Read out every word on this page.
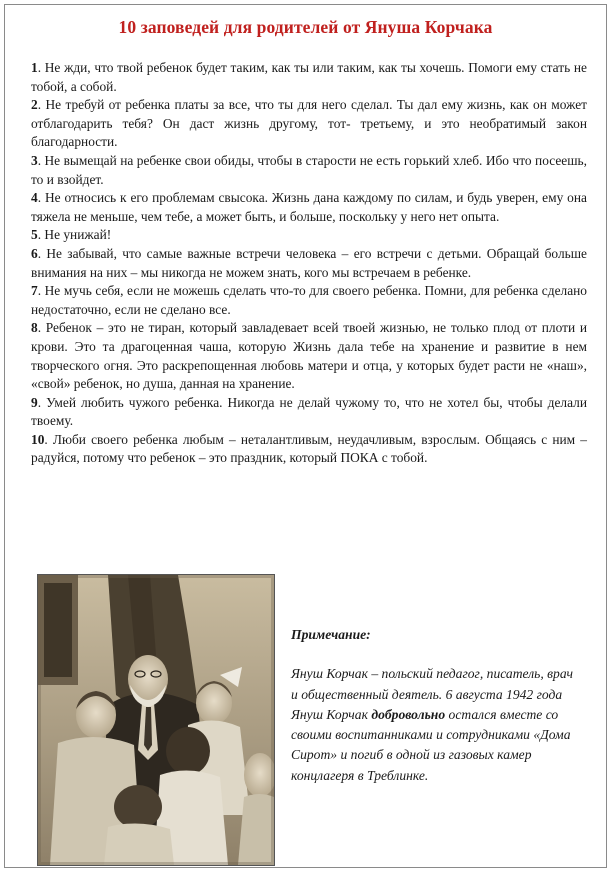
10 заповедей для родителей от Януша Корчака

1. Не жди, что твой ребенок будет таким, как ты или таким, как ты хочешь. Помоги ему стать не тобой, а собой.

2. Не требуй от ребенка платы за все, что ты для него сделал. Ты дал ему жизнь, как он может отблагодарить тебя? Он даст жизнь другому, тот- третьему, и это необратимый закон благодарности.

3. Не вымещай на ребенке свои обиды, чтобы в старости не есть горький хлеб. Ибо что посеешь, то и взойдет.

4. Не относись к его проблемам свысока. Жизнь дана каждому по силам, и будь уверен, ему она тяжела не меньше, чем тебе, а может быть, и больше, поскольку у него нет опыта.

5. Не унижай!

6. Не забывай, что самые важные встречи человека – его встречи с детьми. Обращай больше внимания на них – мы никогда не можем знать, кого мы встречаем в ребенке.

7. Не мучь себя, если не можешь сделать что-то для своего ребенка. Помни, для ребенка сделано недостаточно, если не сделано все.

8. Ребенок – это не тиран, который завладевает всей твоей жизнью, не только плод от плоти и крови. Это та драгоценная чаша, которую Жизнь дала тебе на хранение и развитие в нем творческого огня. Это раскрепощенная любовь матери и отца, у которых будет расти не «наш», «свой» ребенок, но душа, данная на хранение.

9. Умей любить чужого ребенка. Никогда не делай чужому то, что не хотел бы, чтобы делали твоему.

10. Люби своего ребенка любым – неталантливым, неудачливым, взрослым. Общаясь с ним – радуйся, потому что ребенок – это праздник, который ПОКА с тобой.

Примечание:
Януш Корчак – польский педагог, писатель, врач и общественный деятель. 6 августа 1942 года Януш Корчак добровольно остался вместе со своими воспитанниками и сотрудниками «Дома Сирот» и погиб в одной из газовых камер концлагеря в Треблинке.
